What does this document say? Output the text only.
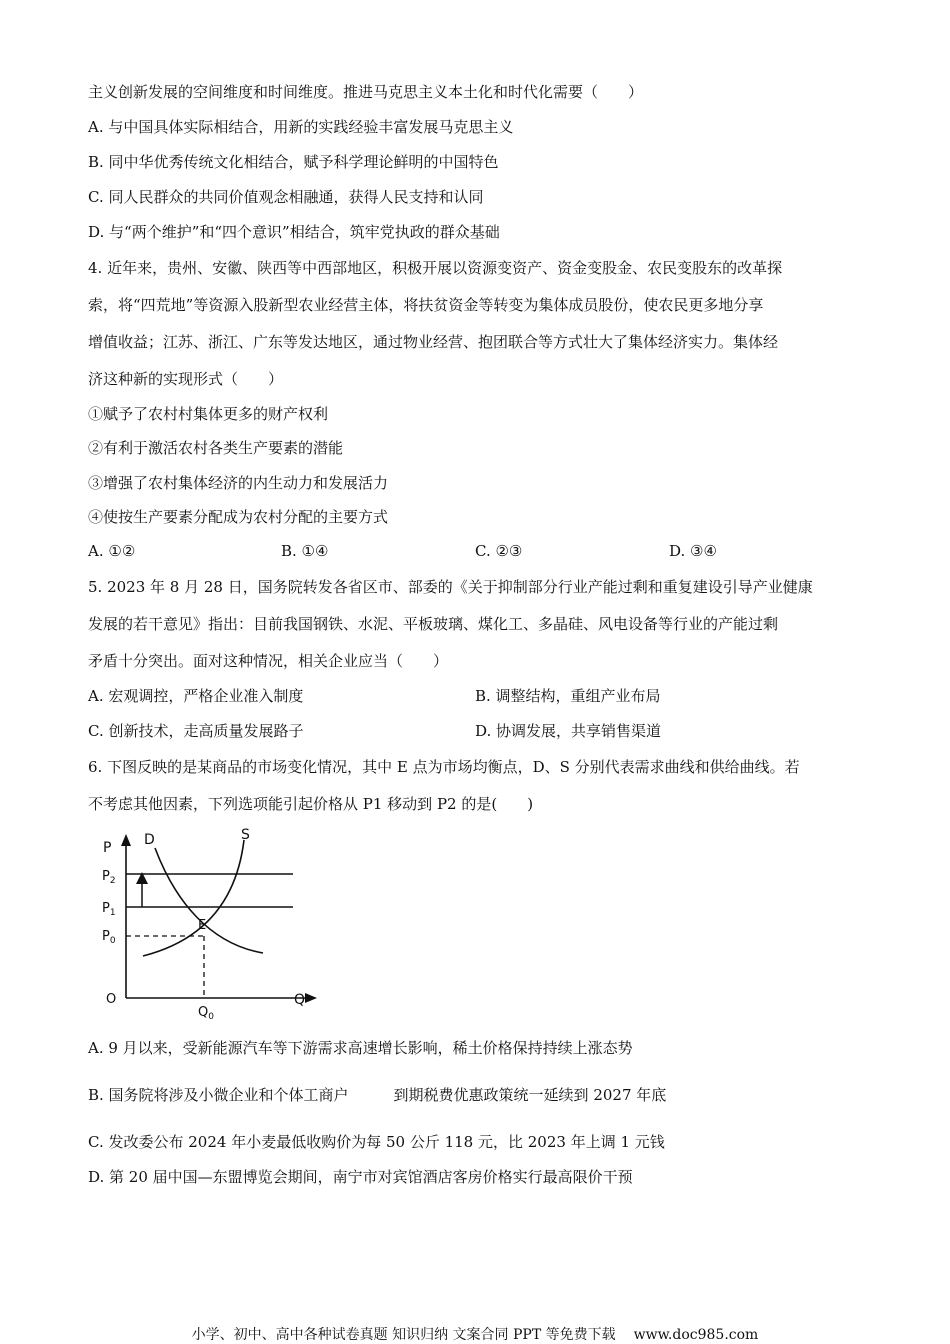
主义创新发展的空间维度和时间维度。推进马克思主义本土化和时代化需要（　　）
A. 与中国具体实际相结合，用新的实践经验丰富发展马克思主义
B. 同中华优秀传统文化相结合，赋予科学理论鲜明的中国特色
C. 同人民群众的共同价值观念相融通，获得人民支持和认同
D. 与“两个维护”和“四个意识”相结合，筑牢党执政的群众基础
4. 近年来，贵州、安徽、陕西等中西部地区，积极开展以资源变资产、资金变股金、农民变股东的改革探
索，将“四荒地”等资源入股新型农业经营主体，将扶贫资金等转变为集体成员股份，使农民更多地分享
增值收益；江苏、浙江、广东等发达地区，通过物业经营、抱团联合等方式壮大了集体经济实力。集体经
济这种新的实现形式（　　）
①赋予了农村村集体更多的财产权利
②有利于激活农村各类生产要素的潜能
③增强了农村集体经济的内生动力和发展活力
④使按生产要素分配成为农村分配的主要方式
A. ①②	B. ①④	C. ②③	D. ③④
5. 2023 年 8 月 28 日，国务院转发各省区市、部委的《关于抑制部分行业产能过剩和重复建设引导产业健康
发展的若干意见》指出：目前我国钢铁、水泥、平板玻璃、煤化工、多晶硅、风电设备等行业的产能过剩
矛盾十分突出。面对这种情况，相关企业应当（　　）
A. 宏观调控，严格企业准入制度	B. 调整结构，重组产业布局
C. 创新技术，走高质量发展路子	D. 协调发展，共享销售渠道
6. 下图反映的是某商品的市场变化情况，其中 E 点为市场均衡点，D、S 分别代表需求曲线和供给曲线。若
不考虑其他因素，下列选项能引起价格从 P1 移动到 P2 的是(　　)
P D	S
$P_2$
$P_1$
$P_0$
E
O
$Q_0$
Q
A. 9 月以来，受新能源汽车等下游需求高速增长影响，稀土价格保持持续上涨态势
B. 国务院将涉及小微企业和个体工商户　　　到期税费优惠政策统一延续到 2027 年底
C. 发改委公布 2024 年小麦最低收购价为每 50 公斤 118 元，比 2023 年上调 1 元钱
D. 第 20 届中国—东盟博览会期间，南宁市对宾馆酒店客房价格实行最高限价干预
小学、初中、高中各种试卷真题 知识归纳 文案合同 PPT 等免费下载 www.doc985.com
